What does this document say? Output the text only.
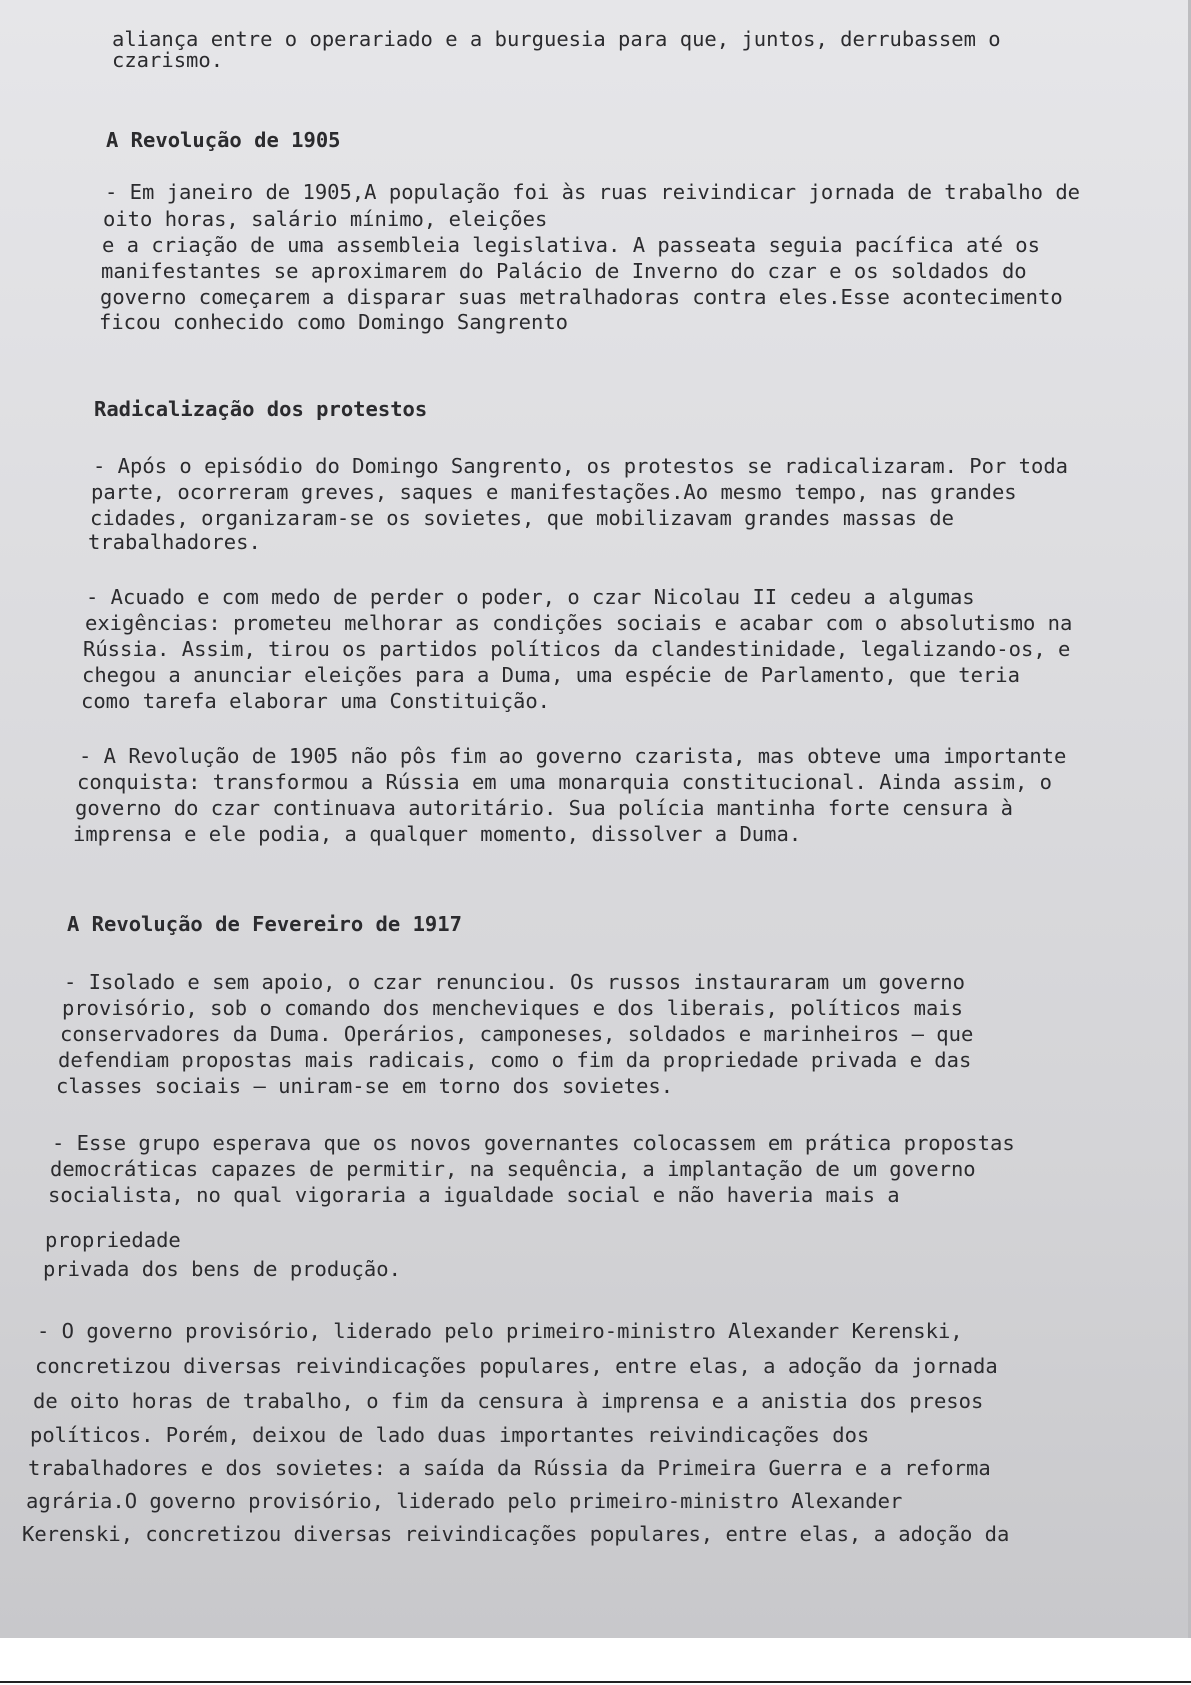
aliança entre o operariado e a burguesia para que, juntos, derrubassem o

czarismo.

A Revolução de 1905

- Em janeiro de 1905,A população foi às ruas reivindicar jornada de trabalho de

oito horas, salário mínimo, eleições

e a criação de uma assembleia legislativa. A passeata seguia pacífica até os

manifestantes se aproximarem do Palácio de Inverno do czar e os soldados do

governo começarem a disparar suas metralhadoras contra eles.Esse acontecimento

ficou conhecido como Domingo Sangrento

Radicalização dos protestos

- Após o episódio do Domingo Sangrento, os protestos se radicalizaram. Por toda

parte, ocorreram greves, saques e manifestações.Ao mesmo tempo, nas grandes

cidades, organizaram-se os sovietes, que mobilizavam grandes massas de

trabalhadores.

- Acuado e com medo de perder o poder, o czar Nicolau II cedeu a algumas

exigências: prometeu melhorar as condições sociais e acabar com o absolutismo na

Rússia. Assim, tirou os partidos políticos da clandestinidade, legalizando-os, e

chegou a anunciar eleições para a Duma, uma espécie de Parlamento, que teria

como tarefa elaborar uma Constituição.

- A Revolução de 1905 não pôs fim ao governo czarista, mas obteve uma importante

conquista: transformou a Rússia em uma monarquia constitucional. Ainda assim, o

governo do czar continuava autoritário. Sua polícia mantinha forte censura à

imprensa e ele podia, a qualquer momento, dissolver a Duma.

A Revolução de Fevereiro de 1917

- Isolado e sem apoio, o czar renunciou. Os russos instauraram um governo

provisório, sob o comando dos mencheviques e dos liberais, políticos mais

conservadores da Duma. Operários, camponeses, soldados e marinheiros – que

defendiam propostas mais radicais, como o fim da propriedade privada e das

classes sociais – uniram-se em torno dos sovietes.

- Esse grupo esperava que os novos governantes colocassem em prática propostas

democráticas capazes de permitir, na sequência, a implantação de um governo

socialista, no qual vigoraria a igualdade social e não haveria mais a

propriedade

privada dos bens de produção.

- O governo provisório, liderado pelo primeiro-ministro Alexander Kerenski,

concretizou diversas reivindicações populares, entre elas, a adoção da jornada

de oito horas de trabalho, o fim da censura à imprensa e a anistia dos presos

políticos. Porém, deixou de lado duas importantes reivindicações dos

trabalhadores e dos sovietes: a saída da Rússia da Primeira Guerra e a reforma

agrária.O governo provisório, liderado pelo primeiro-ministro Alexander

Kerenski, concretizou diversas reivindicações populares, entre elas, a adoção da
